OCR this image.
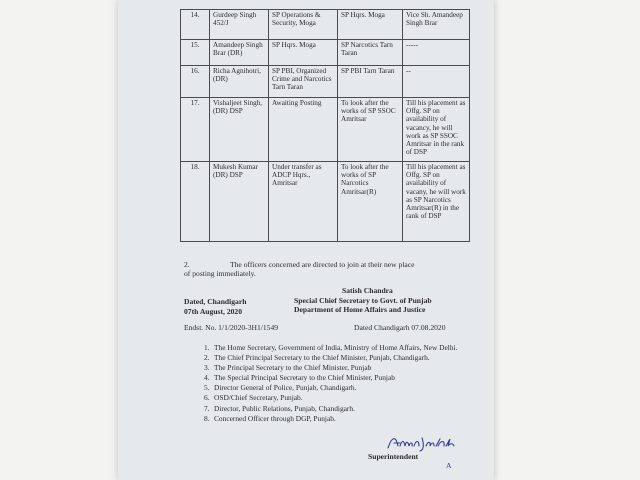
14.	Gurdeep Singh 452/J	SP Operations & Security, Moga	SP Hqrs. Moga	Vice Sh. Amandeep Singh Brar
15.	Amandeep Singh Brar (DR)	SP Hqrs. Moga	SP Narcotics Tarn Taran	-----
16.	Richa Agnihotri, (DR)	SP PBI, Organized Crime and Narcotics Tarn Taran	SP PBI Tarn Taran	--
17.	Vishaljeet Singh, (DR) DSP	Awaiting Posting	To look after the works of SP SSOC Amritsar	Till his placement as Offg. SP on availability of vacancy, he will work as SP SSOC Amritsar in the rank of DSP
18.	Mukesh Kumar (DR) DSP	Under transfer as ADCP Hqrs., Amritsar	To look after the works of SP Narcotics Amritsar(R)	Till his placement as Offg. SP on availability of vacany, he will work as SP Narcotics Amritsar(R) in the rank of DSP
2.	The officers concerned are directed to join at their new place
of posting immediately.
Satish Chandra
Special Chief Secretary to Govt. of Punjab
Department of Home Affairs and Justice
Dated, Chandigarh
07th August, 2020
Endst. No. 1/1/2020-3H1/1549	Dated Chandigarh 07.08.2020
1. The Home Secretary, Government of India, Ministry of Home Affairs, New Delhi.
2. The Chief Principal Secretary to the Chief Minister, Punjab, Chandigarh.
3. The Principal Secretary to the Chief Minister, Punjab
4. The Special Principal Secretary to the Chief Minister, Punjab
5. Director General of Police, Punjab, Chandigarh.
6. OSD/Chief Secretary, Punjab.
7. Director, Public Relations, Punjab, Chandigarh.
8. Concerned Officer through DGP, Punjab.
Superintendent
A
